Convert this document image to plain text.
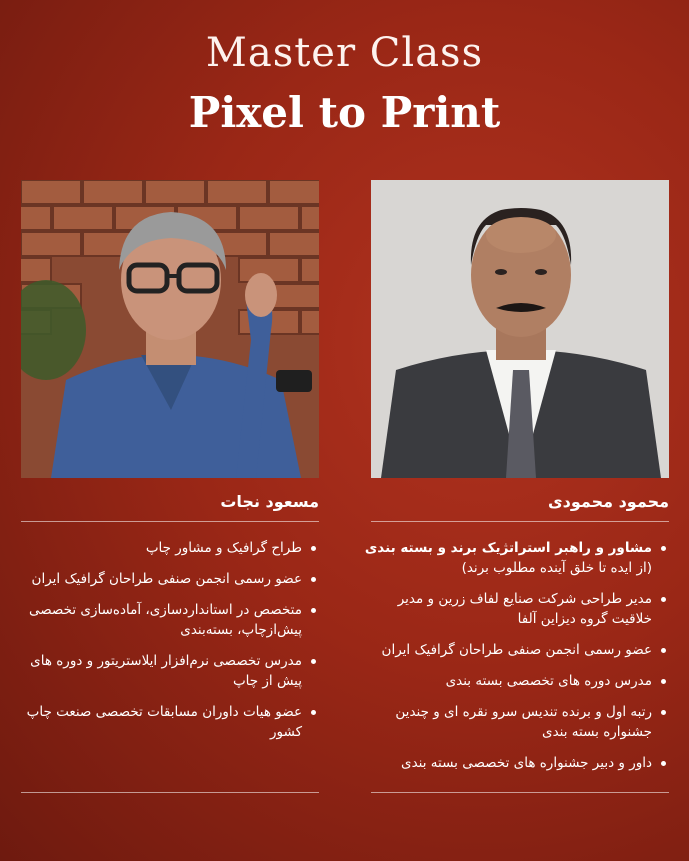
Master Class
Pixel to Print
مسعود نجات	محمود محمودی
طراح گرافیک و مشاور چاپ
عضو رسمی انجمن صنفی طراحان گرافیک ایران
متخصص در استانداردسازی، آماده‌سازی تخصصی پیش‌از‌چاپ، بسته‌بندی
مدرس تخصصی نرم‌افزار ایلاستریتور و دوره های پیش از چاپ
عضو هیات داوران مسابقات تخصصی صنعت چاپ کشور
مشاور و راهبر استراتژیک برند و بسته بندی
(از ایده تا خلق آینده مطلوب برند)
مدیر طراحی شرکت صنایع لفاف زرین و مدیر خلاقیت گروه دیزاین آلفا
عضو رسمی انجمن صنفی طراحان گرافیک ایران
مدرس دوره های تخصصی بسته بندی
رتبه اول و برنده تندیس سرو نقره ای و چندین جشنواره بسته بندی
داور و دبیر جشنواره های تخصصی بسته بندی
